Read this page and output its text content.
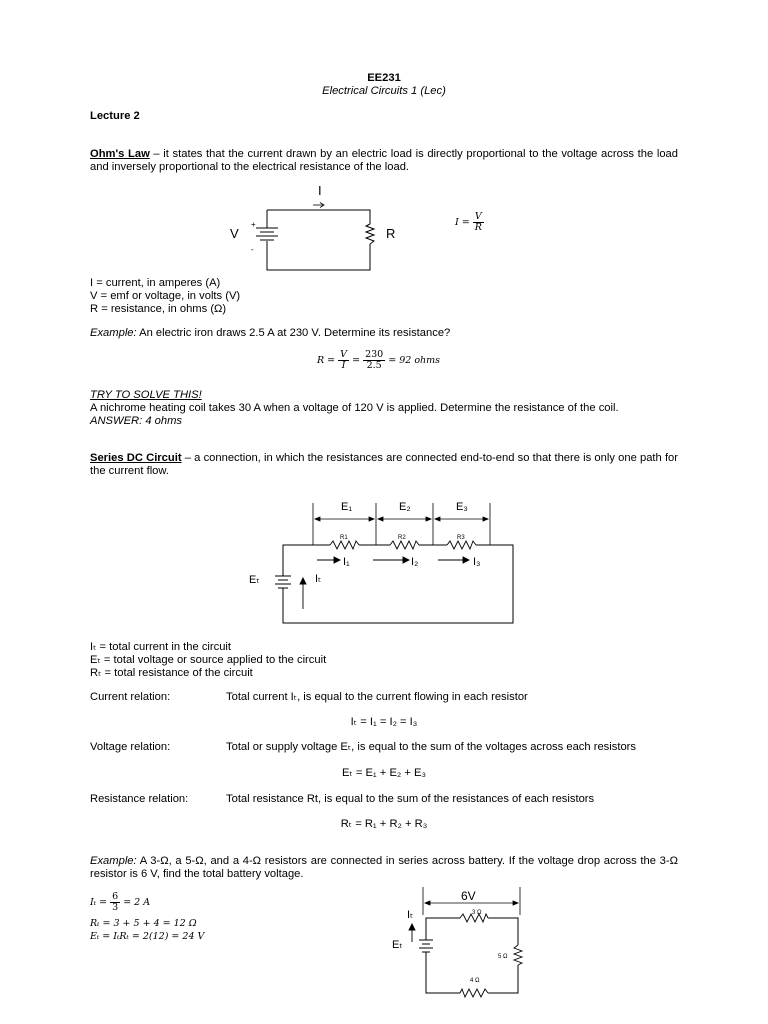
EE231
Electrical Circuits 1 (Lec)
Lecture 2
Ohm's Law – it states that the current drawn by an electric load is directly proportional to the voltage across the load and inversely proportional to the electrical resistance of the load.
I
+
-
V	R
$I = \frac{V}{R}$
I = current, in amperes (A)
V = emf or voltage, in volts (V)
R = resistance, in ohms (Ω)
Example: An electric iron draws 2.5 A at 230 V. Determine its resistance?
$R = \frac{V}{I} = \frac{230}{2.5} = 92$ ohms
TRY TO SOLVE THIS!
A nichrome heating coil takes 30 A when a voltage of 120 V is applied. Determine the resistance of the coil.
ANSWER: 4 ohms
Series DC Circuit – a connection, in which the resistances are connected end-to-end so that there is only one path for the current flow.
E₁	E₂	E₃
R1	R2	R3
Eₜ	Iₜ
I₁	I₂	I₃
Iₜ = total current in the circuit
Eₜ = total voltage or source applied to the circuit
Rₜ = total resistance of the circuit
Current relation:	Total current Iₜ, is equal to the current flowing in each resistor
Iₜ = I₁ = I₂ = I₃
Voltage relation:	Total or supply voltage Eₜ, is equal to the sum of the voltages across each resistors
Eₜ = E₁ + E₂ + E₃
Resistance relation:	Total resistance Rt, is equal to the sum of the resistances of each resistors
Rₜ = R₁ + R₂ + R₃
Example: A 3-Ω, a 5-Ω, and a 4-Ω resistors are connected in series across battery. If the voltage drop across the 3-Ω resistor is 6 V, find the total battery voltage.
$I_t = \frac{6}{3} = 2$ A
Rₜ = 3 + 5 + 4 = 12 Ω
Eₜ = IₜRₜ = 2(12) = 24 V
6V
3 Ω
5 Ω
4 Ω
Iₜ
Eₜ
